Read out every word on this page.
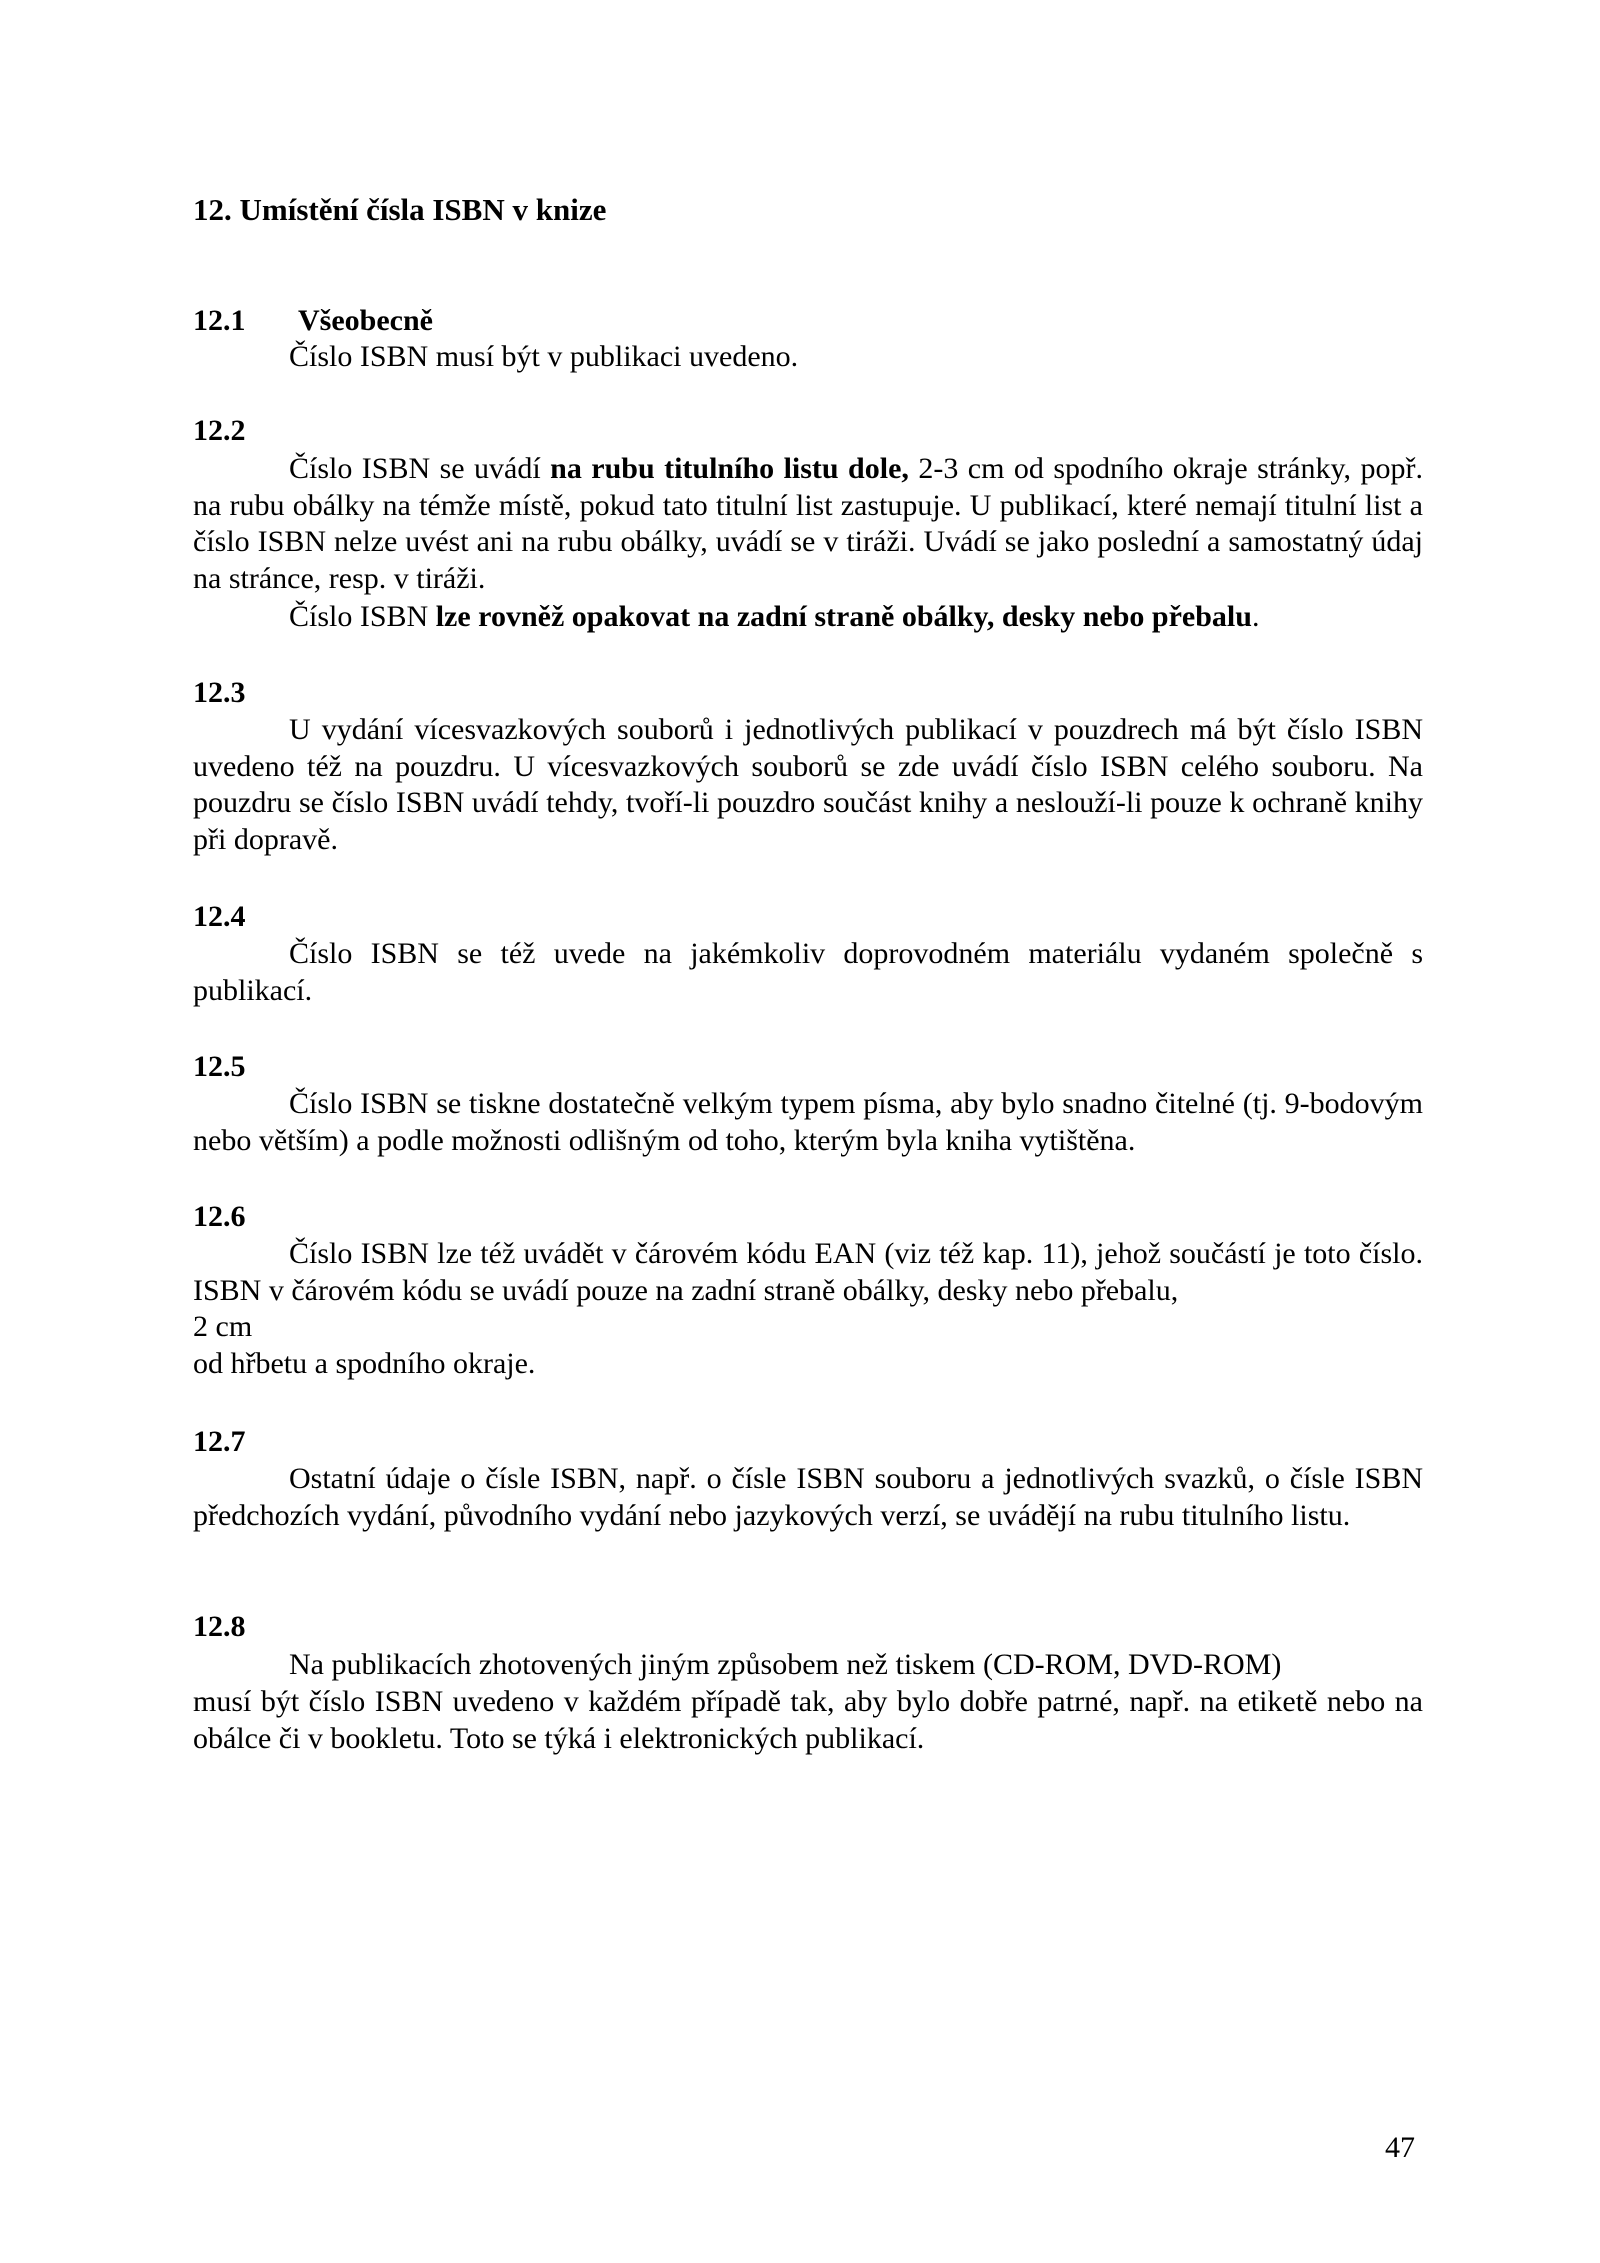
12. Umístění čísla ISBN v knize
12.1 Všeobecně
Číslo ISBN musí být v publikaci uvedeno.
12.2
Číslo ISBN se uvádí na rubu titulního listu dole, 2-3 cm od spodního okraje stránky, popř. na rubu obálky na témže místě, pokud tato titulní list zastupuje. U publikací, které nemají titulní list a číslo ISBN nelze uvést ani na rubu obálky, uvádí se v tiráži. Uvádí se jako poslední a samostatný údaj na stránce, resp. v tiráži.
Číslo ISBN lze rovněž opakovat na zadní straně obálky, desky nebo přebalu.
12.3
U vydání vícesvazkových souborů i jednotlivých publikací v pouzdrech má být číslo ISBN uvedeno též na pouzdru. U vícesvazkových souborů se zde uvádí číslo ISBN celého souboru. Na pouzdru se číslo ISBN uvádí tehdy, tvoří-li pouzdro součást knihy a neslouží-li pouze k ochraně knihy při dopravě.
12.4
Číslo ISBN se též uvede na jakémkoliv doprovodném materiálu vydaném společně s publikací.
12.5
Číslo ISBN se tiskne dostatečně velkým typem písma, aby bylo snadno čitelné (tj. 9-bodovým nebo větším) a podle možnosti odlišným od toho, kterým byla kniha vytištěna.
12.6
Číslo ISBN lze též uvádět v čárovém kódu EAN (viz též kap. 11), jehož součástí je toto číslo. ISBN v čárovém kódu se uvádí pouze na zadní straně obálky, desky nebo přebalu,
2 cm
od hřbetu a spodního okraje.
12.7
Ostatní údaje o čísle ISBN, např. o čísle ISBN souboru a jednotlivých svazků, o čísle ISBN předchozích vydání, původního vydání nebo jazykových verzí, se uvádějí na rubu titulního listu.
12.8
Na publikacích zhotovených jiným způsobem než tiskem (CD-ROM, DVD-ROM)
musí být číslo ISBN uvedeno v každém případě tak, aby bylo dobře patrné, např. na etiketě nebo na obálce či v bookletu. Toto se týká i elektronických publikací.
47
